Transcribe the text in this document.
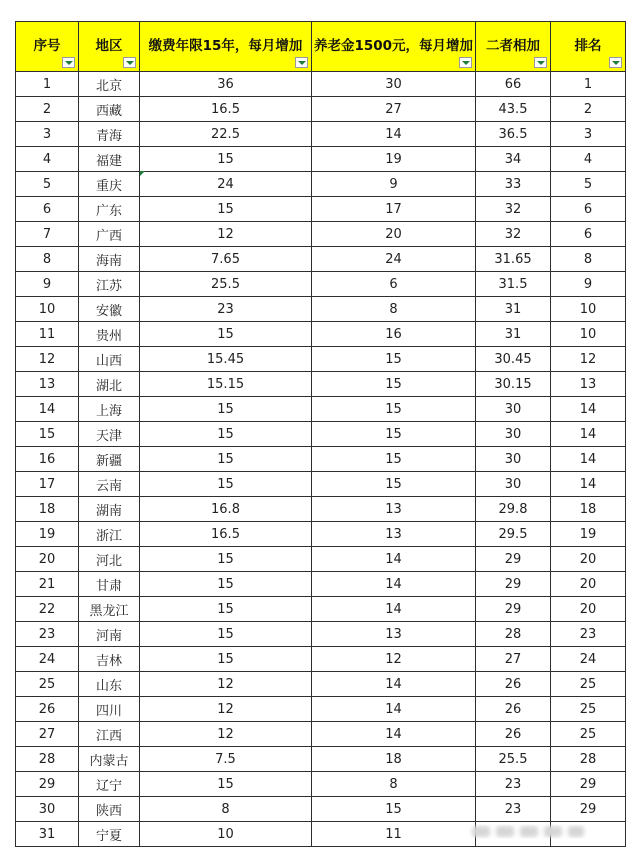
序号	地区	缴费年限15年，每月增加	养老金1500元，每月增加	二者相加	排名

1	北京	36	30	66	1
2	西藏	16.5	27	43.5	2
3	青海	22.5	14	36.5	3
4	福建	15	19	34	4
5	重庆	24	9	33	5
6	广东	15	17	32	6
7	广西	12	20	32	6
8	海南	7.65	24	31.65	8
9	江苏	25.5	6	31.5	9
10	安徽	23	8	31	10
11	贵州	15	16	31	10
12	山西	15.45	15	30.45	12
13	湖北	15.15	15	30.15	13
14	上海	15	15	30	14
15	天津	15	15	30	14
16	新疆	15	15	30	14
17	云南	15	15	30	14
18	湖南	16.8	13	29.8	18
19	浙江	16.5	13	29.5	19
20	河北	15	14	29	20
21	甘肃	15	14	29	20
22	黑龙江	15	14	29	20
23	河南	15	13	28	23
24	吉林	15	12	27	24
25	山东	12	14	26	25
26	四川	12	14	26	25
27	江西	12	14	26	25
28	内蒙古	7.5	18	25.5	28
29	辽宁	15	8	23	29
30	陕西	8	15	23	29
31	宁夏	10	11		
